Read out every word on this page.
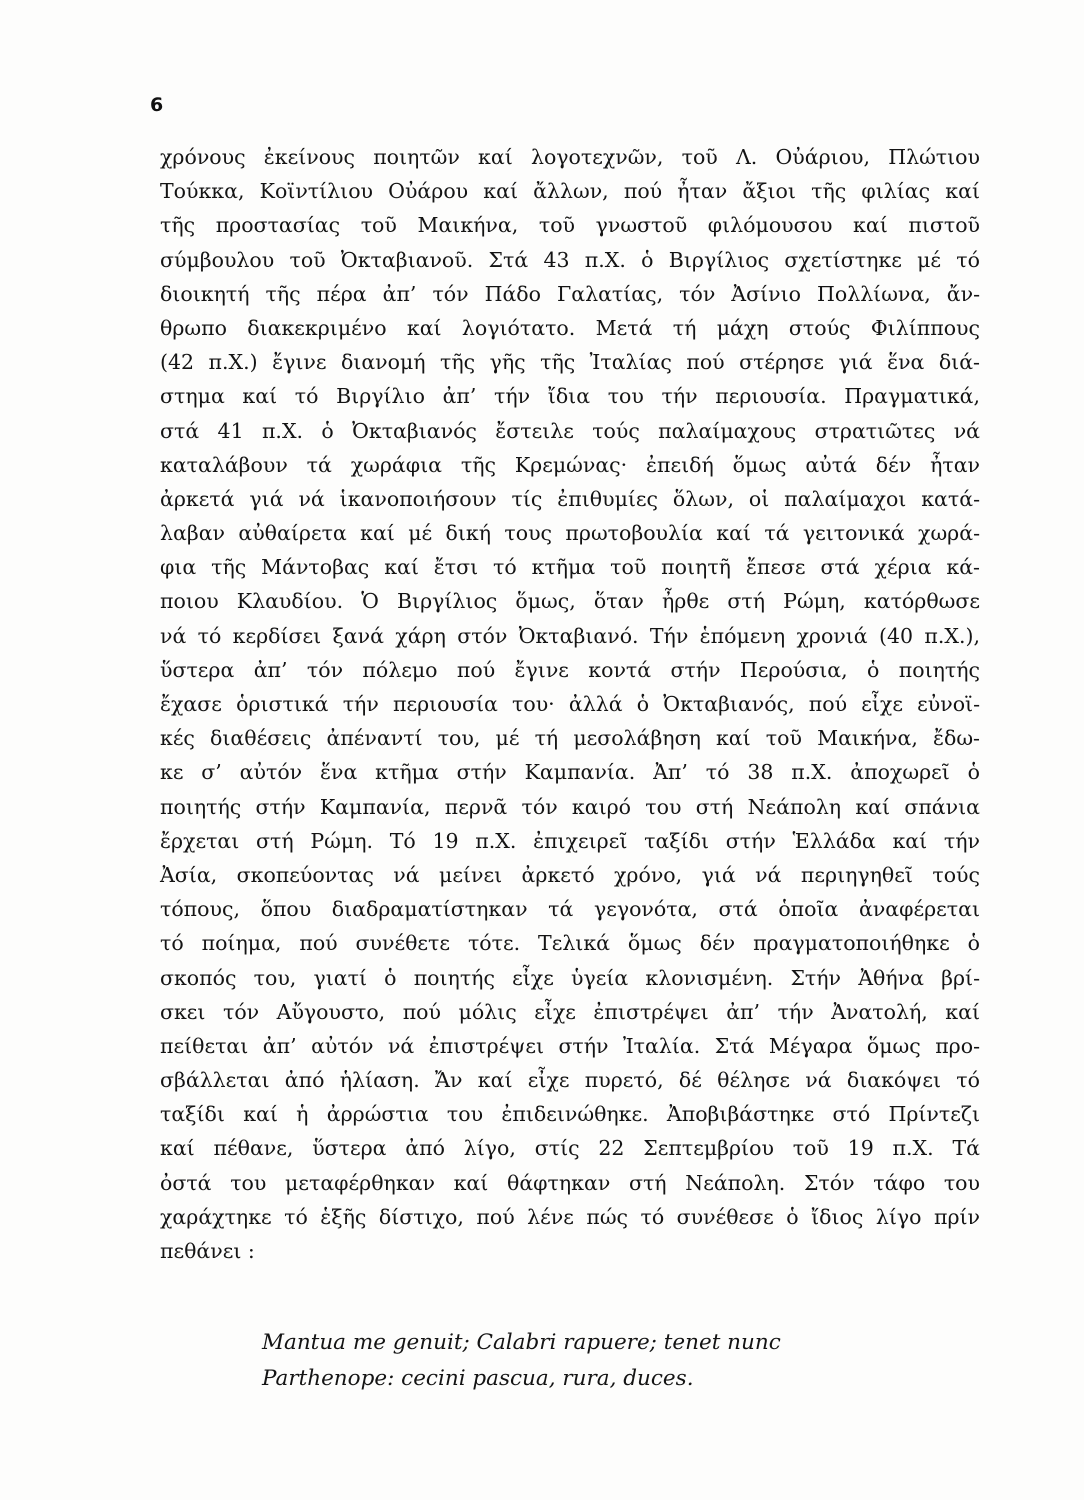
6
χρόνους ἐκείνους ποιητῶν καί λογοτεχνῶν, τοῦ Λ. Οὐάριου, Πλώτιου
Τούκκα, Κοϊντίλιου Οὐάρου καί ἄλλων, πού ἦταν ἄξιοι τῆς φιλίας καί
τῆς προστασίας τοῦ Μαικήνα, τοῦ γνωστοῦ φιλόμουσου καί πιστοῦ
σύμβουλου τοῦ Ὀκταβιανοῦ. Στά 43 π.Χ. ὁ Βιργίλιος σχετίστηκε μέ τό
διοικητή τῆς πέρα ἀπ’ τόν Πάδο Γαλατίας, τόν Ἀσίνιο Πολλίωνα, ἄν-
θρωπο διακεκριμένο καί λογιότατο. Μετά τή μάχη στούς Φιλίππους
(42 π.Χ.) ἔγινε διανομή τῆς γῆς τῆς Ἰταλίας πού στέρησε γιά ἕνα διά-
στημα καί τό Βιργίλιο ἀπ’ τήν ἴδια του τήν περιουσία. Πραγματικά,
στά 41 π.Χ. ὁ Ὀκταβιανός ἔστειλε τούς παλαίμαχους στρατιῶτες νά
καταλάβουν τά χωράφια τῆς Κρεμώνας· ἐπειδή ὅμως αὐτά δέν ἦταν
ἀρκετά γιά νά ἱκανοποιήσουν τίς ἐπιθυμίες ὅλων, οἱ παλαίμαχοι κατά-
λαβαν αὐθαίρετα καί μέ δική τους πρωτοβουλία καί τά γειτονικά χωρά-
φια τῆς Μάντοβας καί ἔτσι τό κτῆμα τοῦ ποιητῆ ἔπεσε στά χέρια κά-
ποιου Κλαυδίου. Ὁ Βιργίλιος ὅμως, ὅταν ἦρθε στή Ρώμη, κατόρθωσε
νά τό κερδίσει ξανά χάρη στόν Ὀκταβιανό. Τήν ἑπόμενη χρονιά (40 π.Χ.),
ὕστερα ἀπ’ τόν πόλεμο πού ἔγινε κοντά στήν Περούσια, ὁ ποιητής
ἔχασε ὁριστικά τήν περιουσία του· ἀλλά ὁ Ὀκταβιανός, πού εἶχε εὐνοϊ-
κές διαθέσεις ἀπέναντί του, μέ τή μεσολάβηση καί τοῦ Μαικήνα, ἔδω-
κε σ’ αὐτόν ἕνα κτῆμα στήν Καμπανία. Ἀπ’ τό 38 π.Χ. ἀποχωρεῖ ὁ
ποιητής στήν Καμπανία, περνᾶ τόν καιρό του στή Νεάπολη καί σπάνια
ἔρχεται στή Ρώμη. Τό 19 π.Χ. ἐπιχειρεῖ ταξίδι στήν Ἑλλάδα καί τήν
Ἀσία, σκοπεύοντας νά μείνει ἀρκετό χρόνο, γιά νά περιηγηθεῖ τούς
τόπους, ὅπου διαδραματίστηκαν τά γεγονότα, στά ὁποῖα ἀναφέρεται
τό ποίημα, πού συνέθετε τότε. Τελικά ὅμως δέν πραγματοποιήθηκε ὁ
σκοπός του, γιατί ὁ ποιητής εἶχε ὑγεία κλονισμένη. Στήν Ἀθήνα βρί-
σκει τόν Αὔγουστο, πού μόλις εἶχε ἐπιστρέψει ἀπ’ τήν Ἀνατολή, καί
πείθεται ἀπ’ αὐτόν νά ἐπιστρέψει στήν Ἰταλία. Στά Μέγαρα ὅμως προ-
σβάλλεται ἀπό ἡλίαση. Ἄν καί εἶχε πυρετό, δέ θέλησε νά διακόψει τό
ταξίδι καί ἡ ἀρρώστια του ἐπιδεινώθηκε. Ἀποβιβάστηκε στό Πρίντεζι
καί πέθανε, ὕστερα ἀπό λίγο, στίς 22 Σεπτεμβρίου τοῦ 19 π.Χ. Τά
ὀστά του μεταφέρθηκαν καί θάφτηκαν στή Νεάπολη. Στόν τάφο του
χαράχτηκε τό ἑξῆς δίστιχο, πού λένε πώς τό συνέθεσε ὁ ἴδιος λίγο πρίν
πεθάνει :
Mantua me genuit; Calabri rapuere; tenet nunc
Parthenope: cecini pascua, rura, duces.
